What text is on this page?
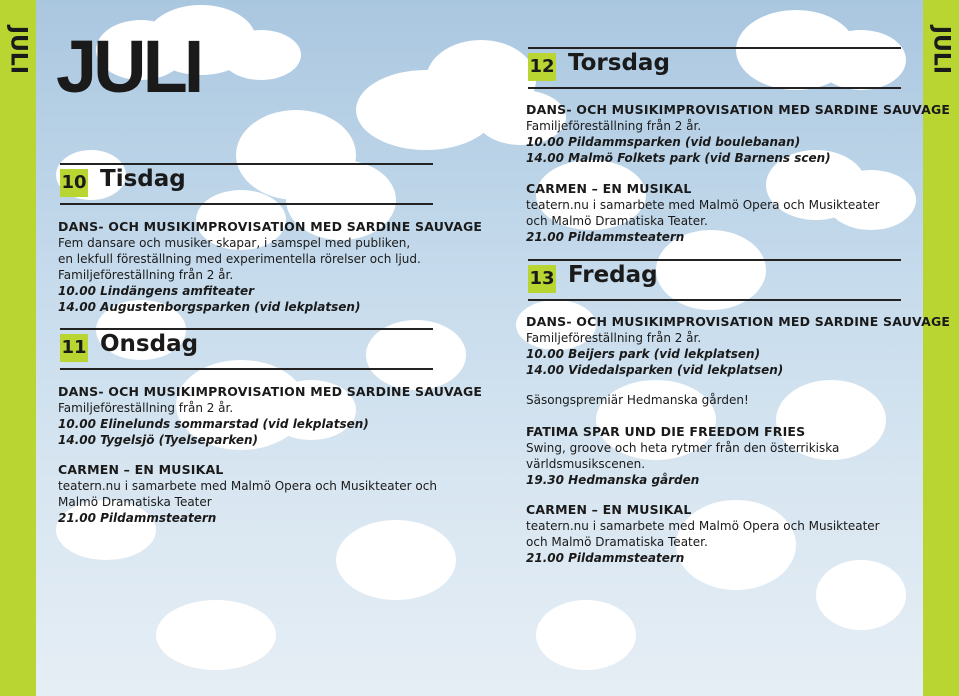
JULI	JULI
JULI
10 Tisdag
DANS- OCH MUSIKIMPROVISATION MED SARDINE SAUVAGE
Fem dansare och musiker skapar, i samspel med publiken,
en lekfull föreställning med experimentella rörelser och ljud.
Familjeföreställning från 2 år.
10.00 Lindängens amfiteater
14.00 Augustenborgsparken (vid lekplatsen)
11 Onsdag
DANS- OCH MUSIKIMPROVISATION MED SARDINE SAUVAGE
Familjeföreställning från 2 år.
10.00 Elinelunds sommarstad (vid lekplatsen)
14.00 Tygelsjö (Tyelseparken)
CARMEN – EN MUSIKAL
teatern.nu i samarbete med Malmö Opera och Musikteater och
Malmö Dramatiska Teater
21.00 Pildammsteatern
12 Torsdag
DANS- OCH MUSIKIMPROVISATION MED SARDINE SAUVAGE
Familjeföreställning från 2 år.
10.00 Pildammsparken (vid boulebanan)
14.00 Malmö Folkets park (vid Barnens scen)
CARMEN – EN MUSIKAL
teatern.nu i samarbete med Malmö Opera och Musikteater
och Malmö Dramatiska Teater.
21.00 Pildammsteatern
13 Fredag
DANS- OCH MUSIKIMPROVISATION MED SARDINE SAUVAGE
Familjeföreställning från 2 år.
10.00 Beijers park (vid lekplatsen)
14.00 Videdalsparken (vid lekplatsen)
Säsongspremiär Hedmanska gården!
FATIMA SPAR UND DIE FREEDOM FRIES
Swing, groove och heta rytmer från den österrikiska
världsmusikscenen.
19.30 Hedmanska gården
CARMEN – EN MUSIKAL
teatern.nu i samarbete med Malmö Opera och Musikteater
och Malmö Dramatiska Teater.
21.00 Pildammsteatern
